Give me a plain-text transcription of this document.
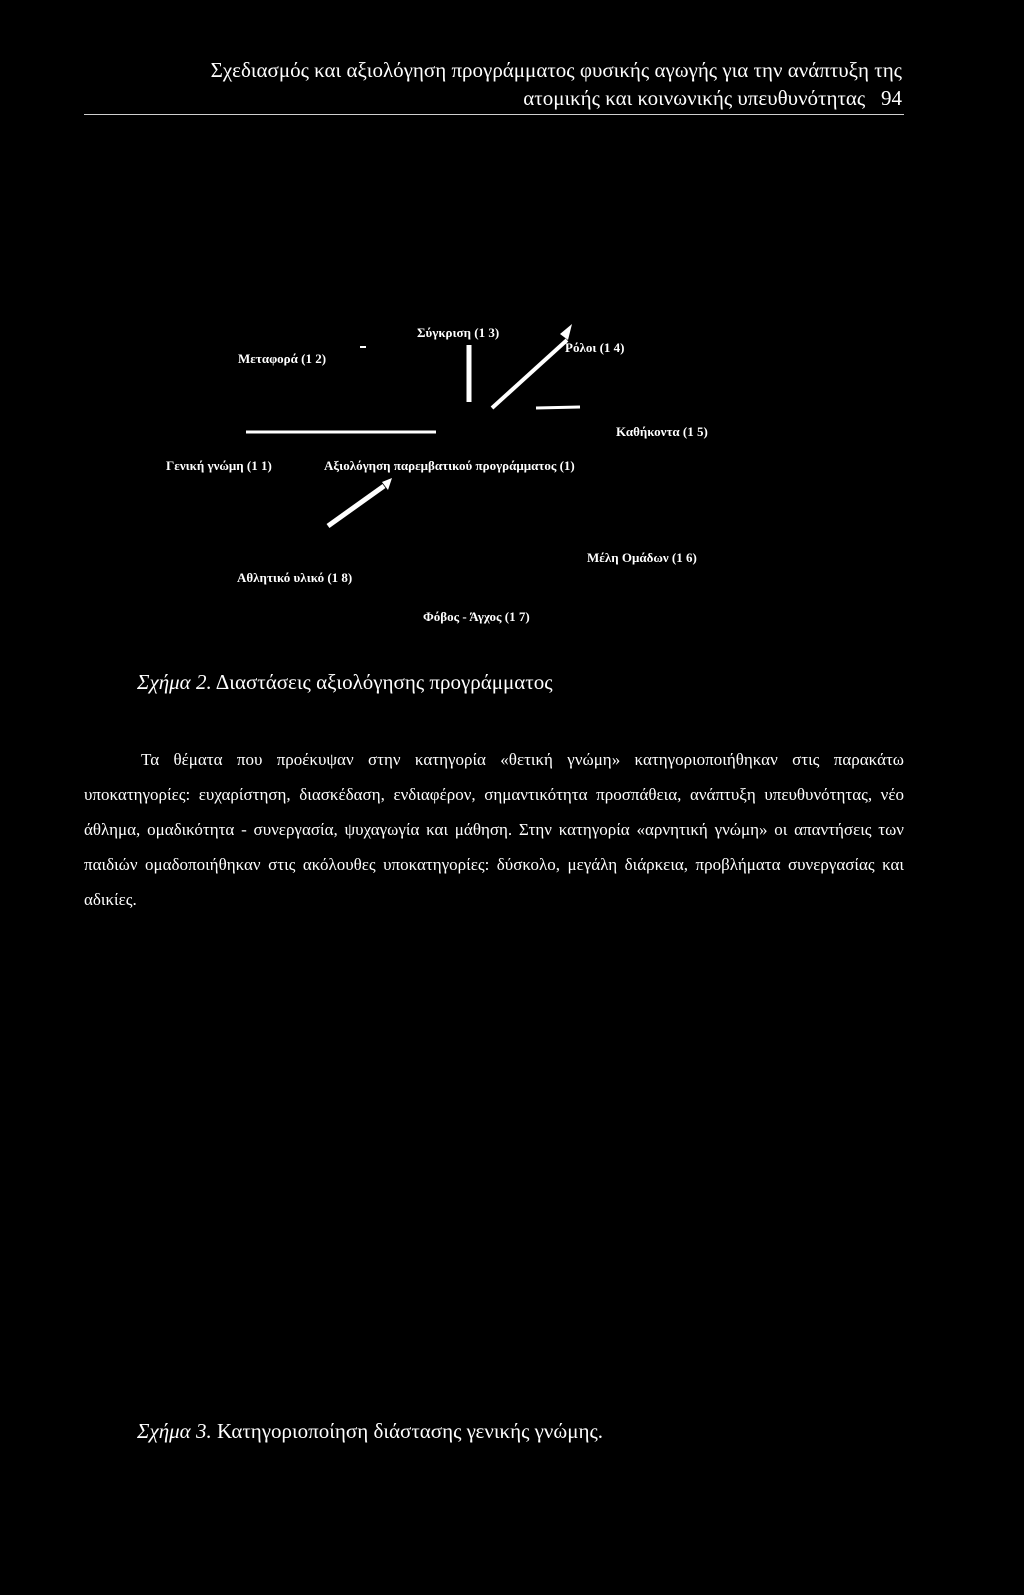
Σχεδιασμός και αξιολόγηση προγράμματος φυσικής αγωγής για την ανάπτυξη της
ατομικής και κοινωνικής υπευθυνότητας 94
Μεταφορά (1 2)
Σύγκριση (1 3)
Ρόλοι (1 4)
Καθήκοντα (1 5)
Γενική γνώμη (1 1)	Αξιολόγηση παρεμβατικού προγράμματος (1)
Μέλη Ομάδων (1 6)
Αθλητικό υλικό (1 8)
Φόβος - Άγχος (1 7)
Σχήμα 2. Διαστάσεις αξιολόγησης προγράμματος
Τα θέματα που προέκυψαν στην κατηγορία «θετική γνώμη» κατηγοριοποιήθηκαν στις παρακάτω υποκατηγορίες: ευχαρίστηση, διασκέδαση, ενδιαφέρον, σημαντικότητα προσπάθεια, ανάπτυξη υπευθυνότητας, νέο άθλημα, ομαδικότητα - συνεργασία, ψυχαγωγία και μάθηση. Στην κατηγορία «αρνητική γνώμη» οι απαντήσεις των παιδιών ομαδοποιήθηκαν στις ακόλουθες υποκατηγορίες: δύσκολο, μεγάλη διάρκεια, προβλήματα συνεργασίας και αδικίες.
Σχήμα 3. Κατηγοριοποίηση διάστασης γενικής γνώμης.
